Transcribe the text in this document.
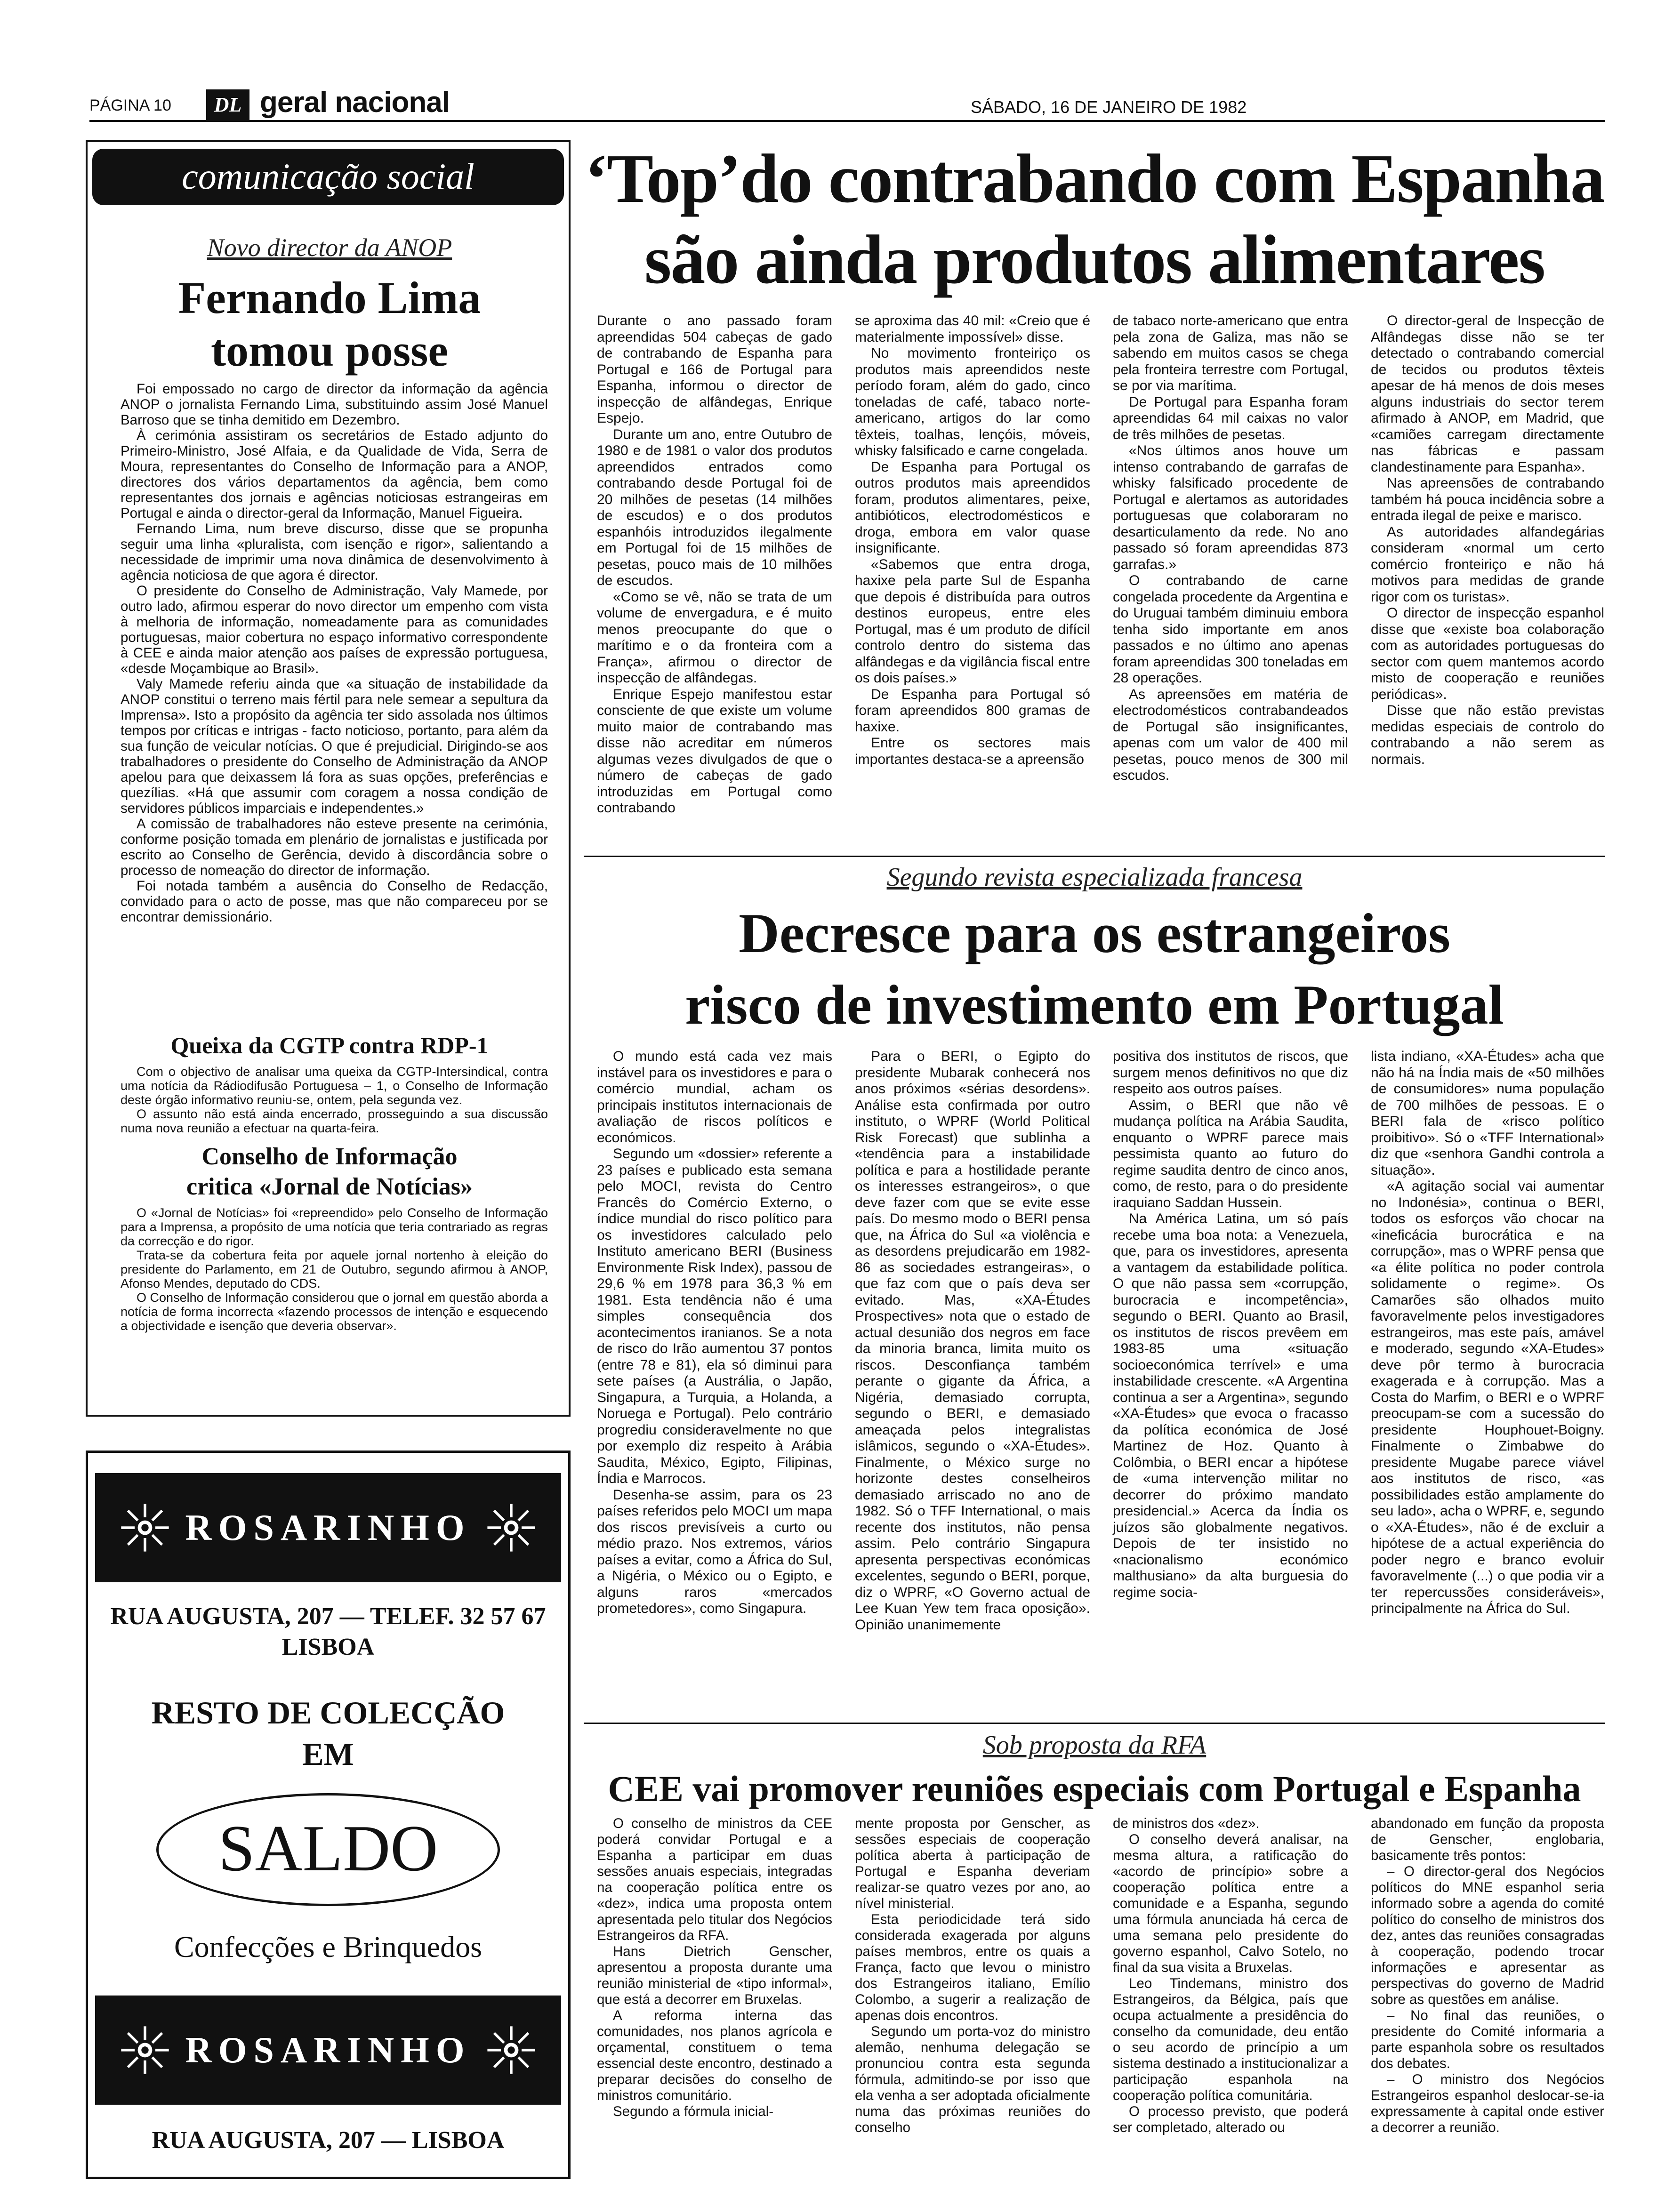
PÁGINA 10	DL geral nacional	SÁBADO, 16 DE JANEIRO DE 1982
comunicação social
Novo director da ANOP
Fernando Lima
tomou posse

Foi empossado no cargo de director da informação da agência ANOP o jornalista Fernando Lima, substituindo assim José Manuel Barroso que se tinha demitido em Dezembro.

À cerimónia assistiram os secretários de Estado adjunto do Primeiro-Ministro, José Alfaia, e da Qualidade de Vida, Serra de Moura, representantes do Conselho de Informação para a ANOP, directores dos vários departamentos da agência, bem como representantes dos jornais e agências noticiosas estrangeiras em Portugal e ainda o director-geral da Informação, Manuel Figueira.

Fernando Lima, num breve discurso, disse que se propunha seguir uma linha «pluralista, com isenção e rigor», salientando a necessidade de imprimir uma nova dinâmica de desenvolvimento à agência noticiosa de que agora é director.

O presidente do Conselho de Administração, Valy Mamede, por outro lado, afirmou esperar do novo director um empenho com vista à melhoria de informação, nomeadamente para as comunidades portuguesas, maior cobertura no espaço informativo correspondente à CEE e ainda maior atenção aos países de expressão portuguesa, «desde Moçambique ao Brasil».

Valy Mamede referiu ainda que «a situação de instabilidade da ANOP constitui o terreno mais fértil para nele semear a sepultura da Imprensa». Isto a propósito da agência ter sido assolada nos últimos tempos por críticas e intrigas - facto noticioso, portanto, para além da sua função de veicular notícias. O que é prejudicial. Dirigindo-se aos trabalhadores o presidente do Conselho de Administração da ANOP apelou para que deixassem lá fora as suas opções, preferências e quezílias. «Há que assumir com coragem a nossa condição de servidores públicos imparciais e independentes.»

A comissão de trabalhadores não esteve presente na cerimónia, conforme posição tomada em plenário de jornalistas e justificada por escrito ao Conselho de Gerência, devido à discordância sobre o processo de nomeação do director de informação.

Foi notada também a ausência do Conselho de Redacção, convidado para o acto de posse, mas que não compareceu por se encontrar demissionário.

Queixa da CGTP contra RDP-1

Com o objectivo de analisar uma queixa da CGTP-Intersindical, contra uma notícia da Rádiodifusão Portuguesa – 1, o Conselho de Informação deste órgão informativo reuniu-se, ontem, pela segunda vez.

O assunto não está ainda encerrado, prosseguindo a sua discussão numa nova reunião a efectuar na quarta-feira.

Conselho de Informação
critica «Jornal de Notícias»

O «Jornal de Notícias» foi «repreendido» pelo Conselho de Informação para a Imprensa, a propósito de uma notícia que teria contrariado as regras da correcção e do rigor.

Trata-se da cobertura feita por aquele jornal nortenho à eleição do presidente do Parlamento, em 21 de Outubro, segundo afirmou à ANOP, Afonso Mendes, deputado do CDS.

O Conselho de Informação considerou que o jornal em questão aborda a notícia de forma incorrecta «fazendo processos de intenção e esquecendo a objectividade e isenção que deveria observar».

ROSARINHO
RUA AUGUSTA, 207 — TELEF. 32 57 67
LISBOA
RESTO DE COLECÇÃO
EM
SALDO
Confecções e Brinquedos
ROSARINHO
RUA AUGUSTA, 207 — LISBOA
‘Top’do contrabando com Espanha
são ainda produtos alimentares

Durante o ano passado foram apreendidas 504 cabeças de gado de contrabando de Espanha para Portugal e 166 de Portugal para Espanha, informou o director de inspecção de alfândegas, Enrique Espejo.

Durante um ano, entre Outubro de 1980 e de 1981 o valor dos produtos apreendidos entrados como contrabando desde Portugal foi de 20 milhões de pesetas (14 milhões de escudos) e o dos produtos espanhóis introduzidos ilegalmente em Portugal foi de 15 milhões de pesetas, pouco mais de 10 milhões de escudos.

«Como se vê, não se trata de um volume de envergadura, e é muito menos preocupante do que o marítimo e o da fronteira com a França», afirmou o director de inspecção de alfândegas.

Enrique Espejo manifestou estar consciente de que existe um volume muito maior de contrabando mas disse não acreditar em números algumas vezes divulgados de que o número de cabeças de gado introduzidas em Portugal como contrabando

se aproxima das 40 mil: «Creio que é materialmente impossível» disse.

No movimento fronteiriço os produtos mais apreendidos neste período foram, além do gado, cinco toneladas de café, tabaco norte-americano, artigos do lar como têxteis, toalhas, lençóis, móveis, whisky falsificado e carne congelada.

De Espanha para Portugal os outros produtos mais apreendidos foram, produtos alimentares, peixe, antibióticos, electrodomésticos e droga, embora em valor quase insignificante.

«Sabemos que entra droga, haxixe pela parte Sul de Espanha que depois é distribuída para outros destinos europeus, entre eles Portugal, mas é um produto de difícil controlo dentro do sistema das alfândegas e da vigilância fiscal entre os dois países.»

De Espanha para Portugal só foram apreendidos 800 gramas de haxixe.

Entre os sectores mais importantes destaca-se a apreensão

de tabaco norte-americano que entra pela zona de Galiza, mas não se sabendo em muitos casos se chega pela fronteira terrestre com Portugal, se por via marítima.

De Portugal para Espanha foram apreendidas 64 mil caixas no valor de três milhões de pesetas.

«Nos últimos anos houve um intenso contrabando de garrafas de whisky falsificado procedente de Portugal e alertamos as autoridades portuguesas que colaboraram no desarticulamento da rede. No ano passado só foram apreendidas 873 garrafas.»

O contrabando de carne congelada procedente da Argentina e do Uruguai também diminuiu embora tenha sido importante em anos passados e no último ano apenas foram apreendidas 300 toneladas em 28 operações.

As apreensões em matéria de electrodomésticos contrabandeados de Portugal são insignificantes, apenas com um valor de 400 mil pesetas, pouco menos de 300 mil escudos.

O director-geral de Inspecção de Alfândegas disse não se ter detectado o contrabando comercial de tecidos ou produtos têxteis apesar de há menos de dois meses alguns industriais do sector terem afirmado à ANOP, em Madrid, que «camiões carregam directamente nas fábricas e passam clandestinamente para Espanha».

Nas apreensões de contrabando também há pouca incidência sobre a entrada ilegal de peixe e marisco.

As autoridades alfandegárias consideram «normal um certo comércio fronteiriço e não há motivos para medidas de grande rigor com os turistas».

O director de inspecção espanhol disse que «existe boa colaboração com as autoridades portuguesas do sector com quem mantemos acordo misto de cooperação e reuniões periódicas».

Disse que não estão previstas medidas especiais de controlo do contrabando a não serem as normais.

Segundo revista especializada francesa
Decresce para os estrangeiros
risco de investimento em Portugal

O mundo está cada vez mais instável para os investidores e para o comércio mundial, acham os principais institutos internacionais de avaliação de riscos políticos e económicos.

Segundo um «dossier» referente a 23 países e publicado esta semana pelo MOCI, revista do Centro Francês do Comércio Externo, o índice mundial do risco político para os investidores calculado pelo Instituto americano BERI (Business Environmente Risk Index), passou de 29,6 % em 1978 para 36,3 % em 1981. Esta tendência não é uma simples consequência dos acontecimentos iranianos. Se a nota de risco do Irão aumentou 37 pontos (entre 78 e 81), ela só diminui para sete países (a Austrália, o Japão, Singapura, a Turquia, a Holanda, a Noruega e Portugal). Pelo contrário progrediu consideravelmente no que por exemplo diz respeito à Arábia Saudita, México, Egipto, Filipinas, Índia e Marrocos.

Desenha-se assim, para os 23 países referidos pelo MOCI um mapa dos riscos previsíveis a curto ou médio prazo. Nos extremos, vários países a evitar, como a África do Sul, a Nigéria, o México ou o Egipto, e alguns raros «mercados prometedores», como Singapura.

Para o BERI, o Egipto do presidente Mubarak conhecerá nos anos próximos «sérias desordens». Análise esta confirmada por outro instituto, o WPRF (World Political Risk Forecast) que sublinha a «tendência para a instabilidade política e para a hostilidade perante os interesses estrangeiros», o que deve fazer com que se evite esse país. Do mesmo modo o BERI pensa que, na África do Sul «a violência e as desordens prejudicarão em 1982-86 as sociedades estrangeiras», o que faz com que o país deva ser evitado. Mas, «XA-Études Prospectives» nota que o estado de actual desunião dos negros em face da minoria branca, limita muito os riscos. Desconfiança também perante o gigante da África, a Nigéria, demasiado corrupta, segundo o BERI, e demasiado ameaçada pelos integralistas islâmicos, segundo o «XA-Études». Finalmente, o México surge no horizonte destes conselheiros demasiado arriscado no ano de 1982. Só o TFF International, o mais recente dos institutos, não pensa assim. Pelo contrário Singapura apresenta perspectivas económicas excelentes, segundo o BERI, porque, diz o WPRF, «O Governo actual de Lee Kuan Yew tem fraca oposição». Opinião unanimemente

positiva dos institutos de riscos, que surgem menos definitivos no que diz respeito aos outros países.

Assim, o BERI que não vê mudança política na Arábia Saudita, enquanto o WPRF parece mais pessimista quanto ao futuro do regime saudita dentro de cinco anos, como, de resto, para o do presidente iraquiano Saddan Hussein.

Na América Latina, um só país recebe uma boa nota: a Venezuela, que, para os investidores, apresenta a vantagem da estabilidade política. O que não passa sem «corrupção, burocracia e incompetência», segundo o BERI. Quanto ao Brasil, os institutos de riscos prevêem em 1983-85 uma «situação socioeconómica terrível» e uma instabilidade crescente. «A Argentina continua a ser a Argentina», segundo «XA-Études» que evoca o fracasso da política económica de José Martinez de Hoz. Quanto à Colômbia, o BERI encar a hipótese de «uma intervenção militar no decorrer do próximo mandato presidencial.» Acerca da Índia os juízos são globalmente negativos. Depois de ter insistido no «nacionalismo económico malthusiano» da alta burguesia do regime socia-

lista indiano, «XA-Études» acha que não há na Índia mais de «50 milhões de consumidores» numa população de 700 milhões de pessoas. E o BERI fala de «risco político proibitivo». Só o «TFF International» diz que «senhora Gandhi controla a situação».

«A agitação social vai aumentar no Indonésia», continua o BERI, todos os esforços vão chocar na «ineficácia burocrática e na corrupção», mas o WPRF pensa que «a élite política no poder controla solidamente o regime». Os Camarões são olhados muito favoravelmente pelos investigadores estrangeiros, mas este país, amável e moderado, segundo «XA-Etudes» deve pôr termo à burocracia exagerada e à corrupção. Mas a Costa do Marfim, o BERI e o WPRF preocupam-se com a sucessão do presidente Houphouet-Boigny. Finalmente o Zimbabwe do presidente Mugabe parece viável aos institutos de risco, «as possibilidades estão amplamente do seu lado», acha o WPRF, e, segundo o «XA-Études», não é de excluir a hipótese de a actual experiência do poder negro e branco evoluir favoravelmente (...) o que podia vir a ter repercussões consideráveis», principalmente na África do Sul.

Sob proposta da RFA
CEE vai promover reuniões especiais com Portugal e Espanha

O conselho de ministros da CEE poderá convidar Portugal e a Espanha a participar em duas sessões anuais especiais, integradas na cooperação política entre os «dez», indica uma proposta ontem apresentada pelo titular dos Negócios Estrangeiros da RFA.

Hans Dietrich Genscher, apresentou a proposta durante uma reunião ministerial de «tipo informal», que está a decorrer em Bruxelas.

A reforma interna das comunidades, nos planos agrícola e orçamental, constituem o tema essencial deste encontro, destinado a preparar decisões do conselho de ministros comunitário.

Segundo a fórmula inicial-

mente proposta por Genscher, as sessões especiais de cooperação política aberta à participação de Portugal e Espanha deveriam realizar-se quatro vezes por ano, ao nível ministerial.

Esta periodicidade terá sido considerada exagerada por alguns países membros, entre os quais a França, facto que levou o ministro dos Estrangeiros italiano, Emílio Colombo, a sugerir a realização de apenas dois encontros.

Segundo um porta-voz do ministro alemão, nenhuma delegação se pronunciou contra esta segunda fórmula, admitindo-se por isso que ela venha a ser adoptada oficialmente numa das próximas reuniões do conselho

de ministros dos «dez».

O conselho deverá analisar, na mesma altura, a ratificação do «acordo de princípio» sobre a cooperação política entre a comunidade e a Espanha, segundo uma fórmula anunciada há cerca de uma semana pelo presidente do governo espanhol, Calvo Sotelo, no final da sua visita a Bruxelas.

Leo Tindemans, ministro dos Estrangeiros, da Bélgica, país que ocupa actualmente a presidência do conselho da comunidade, deu então o seu acordo de princípio a um sistema destinado a institucionalizar a participação espanhola na cooperação política comunitária.

O processo previsto, que poderá ser completado, alterado ou

abandonado em função da proposta de Genscher, englobaria, basicamente três pontos:

– O director-geral dos Negócios políticos do MNE espanhol seria informado sobre a agenda do comité político do conselho de ministros dos dez, antes das reuniões consagradas à cooperação, podendo trocar informações e apresentar as perspectivas do governo de Madrid sobre as questões em análise.

– No final das reuniões, o presidente do Comité informaria a parte espanhola sobre os resultados dos debates.

– O ministro dos Negócios Estrangeiros espanhol deslocar-se-ia expressamente à capital onde estiver a decorrer a reunião.
